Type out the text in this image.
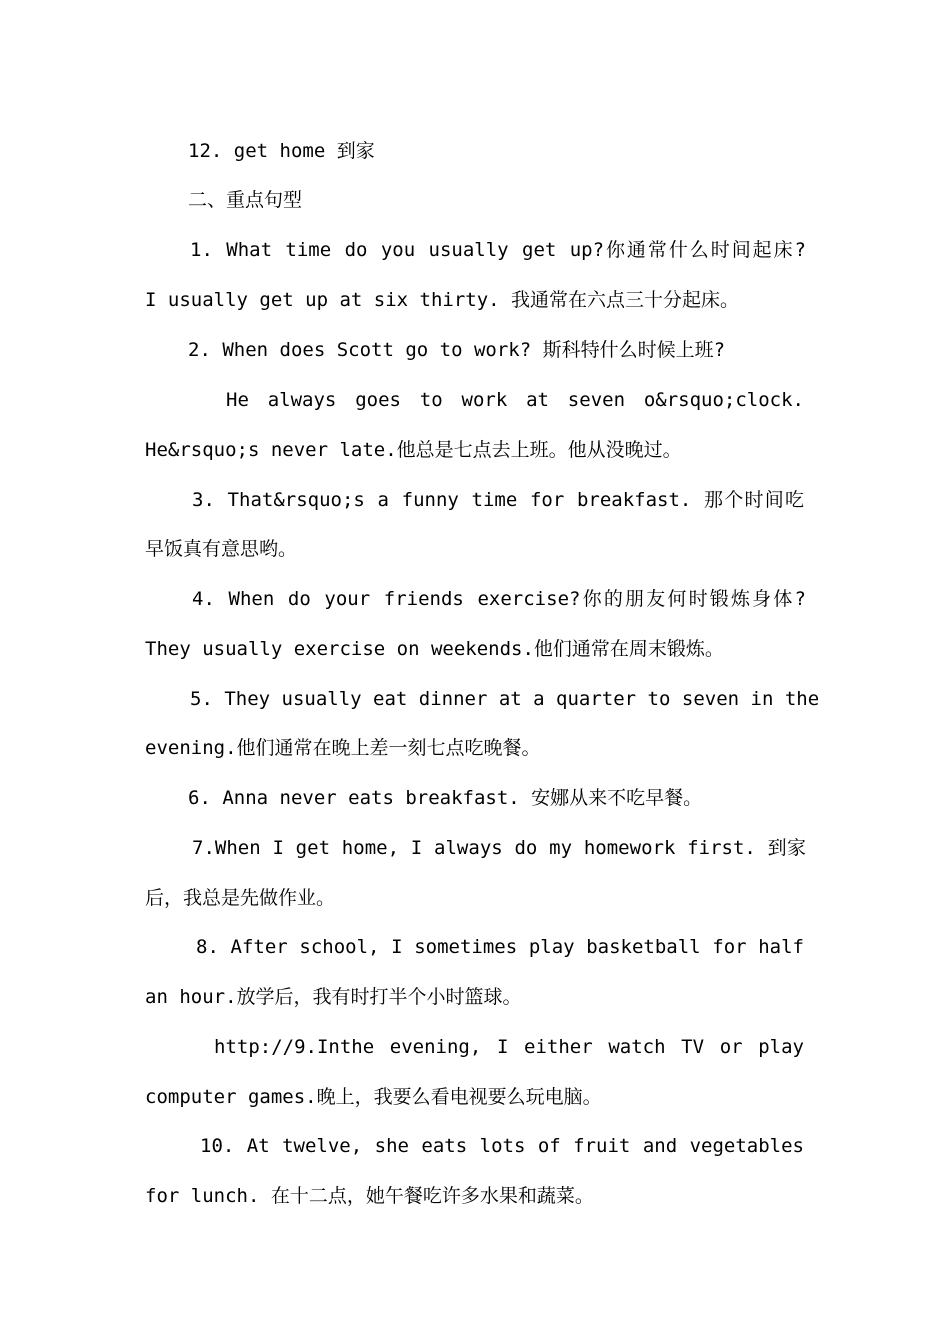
12. get home 到家
二、重点句型
1. What time do you usually get up?你通常什么时间起床?
I usually get up at six thirty. 我通常在六点三十分起床。
2. When does Scott go to work? 斯科特什么时候上班?
He always goes to work at seven o&rsquo;clock.
He&rsquo;s never late.他总是七点去上班。他从没晚过。
3. That&rsquo;s a funny time for breakfast. 那个时间吃
早饭真有意思哟。
4. When do your friends exercise?你的朋友何时锻炼身体?
They usually exercise on weekends.他们通常在周末锻炼。
5. They usually eat dinner at a quarter to seven in the
evening.他们通常在晚上差一刻七点吃晚餐。
6. Anna never eats breakfast. 安娜从来不吃早餐。
7.When I get home, I always do my homework first. 到家
后，我总是先做作业。
8. After school, I sometimes play basketball for half
an hour.放学后，我有时打半个小时篮球。
http://9.Inthe evening, I either watch TV or play
computer games.晚上，我要么看电视要么玩电脑。
10. At twelve, she eats lots of fruit and vegetables
for lunch. 在十二点，她午餐吃许多水果和蔬菜。
